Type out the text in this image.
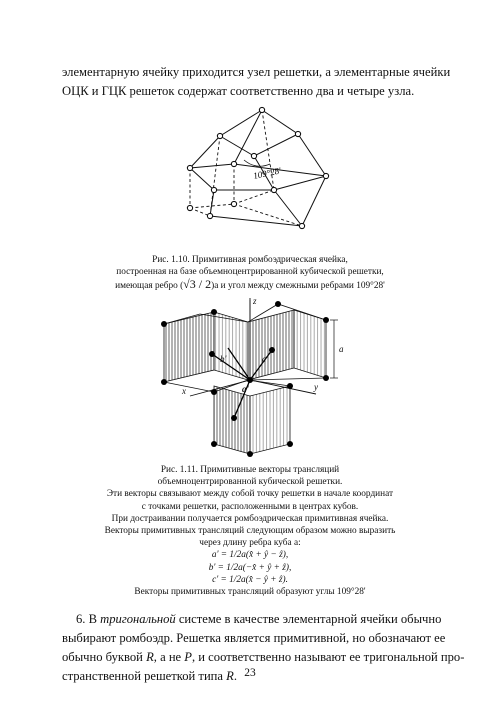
элементарную ячейку приходится узел решетки, а элементарные ячейки
ОЦК и ГЦК решеток содержат соответственно два и четыре узла.

109°28'
Рис. 1.10. Примитивная ромбоэдрическая ячейка,
построенная на базе объемноцентрированной кубической решетки,
имеющая ребро (√3 / 2)a и угол между смежными ребрами 109°28'
z
a
x	y
a'
b'	c'
Рис. 1.11. Примитивные векторы трансляций
объемноцентрированной кубической решетки.
Эти векторы связывают между собой точку решетки в начале координат
с точками решетки, расположенными в центрах кубов.
При достраивании получается ромбоэдрическая примитивная ячейка.
Векторы примитивных трансляций следующим образом можно выразить
через длину ребра куба a:
a' = 1/2a(x̂ + ŷ − ẑ),
b' = 1/2a(−x̂ + ŷ + ẑ),
c' = 1/2a(x̂ − ŷ + ẑ).
Векторы примитивных трансляций образуют углы 109°28'

6. В тригональной системе в качестве элементарной ячейки обычно
выбирают ромбоэдр. Решетка является примитивной, но обозначают ее
обычно буквой R, а не P, и соответственно называют ее тригональной про-
странственной решеткой типа R. 23
